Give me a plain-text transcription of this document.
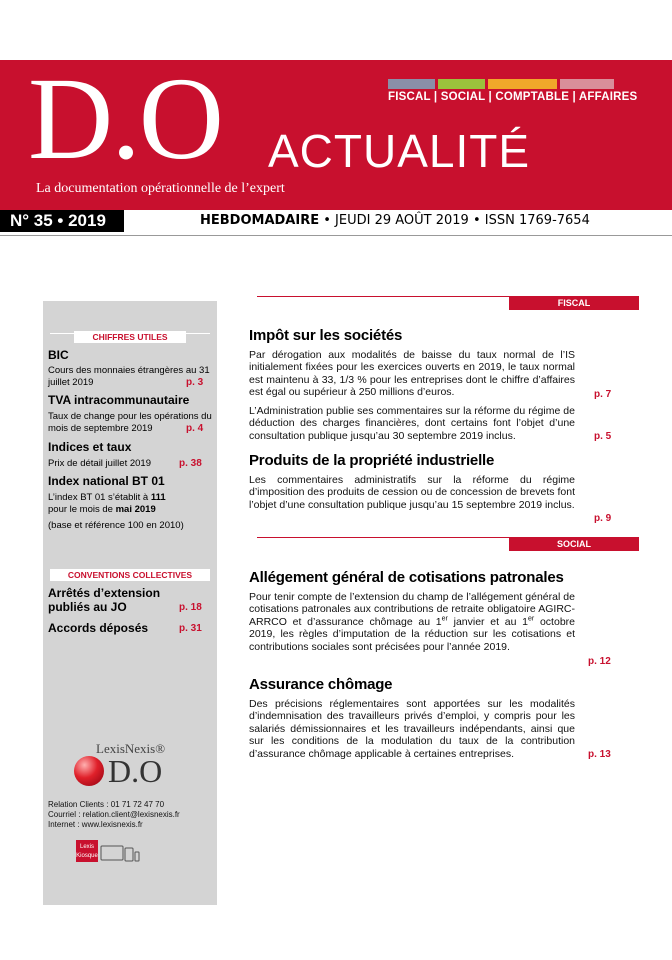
D.O ACTUALITÉ
La documentation opérationnelle de l’expert
FISCAL | SOCIAL | COMPTABLE | AFFAIRES
N° 35 • 2019	HEBDOMADAIRE • JEUDI 29 AOÛT 2019 • ISSN 1769-7654
CHIFFRES UTILES
BIC
Cours des monnaies étrangères au 31 juillet 2019	p. 3
TVA intracommunautaire
Taux de change pour les opérations du mois de septembre 2019	p. 4
Indices et taux
Prix de détail juillet 2019	p. 38
Index national BT 01
L’index BT 01 s’établit à 111
pour le mois de mai 2019
(base et référence 100 en 2010)
CONVENTIONS COLLECTIVES
Arrêtés d’extension
publiés au JO	p. 18
Accords déposés	p. 31
LexisNexis®
D.O
Relation Clients : 01 71 72 47 70
Courriel : relation.client@lexisnexis.fr
Internet : www.lexisnexis.fr
Lexis
Kiosque
FISCAL
Impôt sur les sociétés
Par dérogation aux modalités de baisse du taux normal de l’IS initialement fixées pour les exercices ouverts en 2019, le taux normal est maintenu à 33, 1/3 % pour les entreprises dont le chiffre d’affaires est égal ou supérieur à 250 millions d’euros.	p. 7
L’Administration publie ses commentaires sur la réforme du régime de déduction des charges financières, dont certains font l’objet d’une consultation publique jusqu’au 30 septembre 2019 inclus.	p. 5
Produits de la propriété industrielle
Les commentaires administratifs sur la réforme du régime d’imposition des produits de cession ou de concession de brevets font l’objet d’une consultation publique jusqu’au 15 septembre 2019 inclus.
p. 9
SOCIAL
Allégement général de cotisations patronales
Pour tenir compte de l’extension du champ de l’allégement général de cotisations patronales aux contributions de retraite obligatoire AGIRC-ARRCO et d’assurance chômage au 1er janvier et au 1er octobre 2019, les règles d’imputation de la réduction sur les cotisations et contributions sociales sont précisées pour l’année 2019.
p. 12
Assurance chômage
Des précisions réglementaires sont apportées sur les modalités d’indemnisation des travailleurs privés d’emploi, y compris pour les salariés démissionnaires et les travailleurs indépendants, ainsi que sur les conditions de la modulation du taux de la contribution d’assurance chômage applicable à certaines entreprises.	p. 13
